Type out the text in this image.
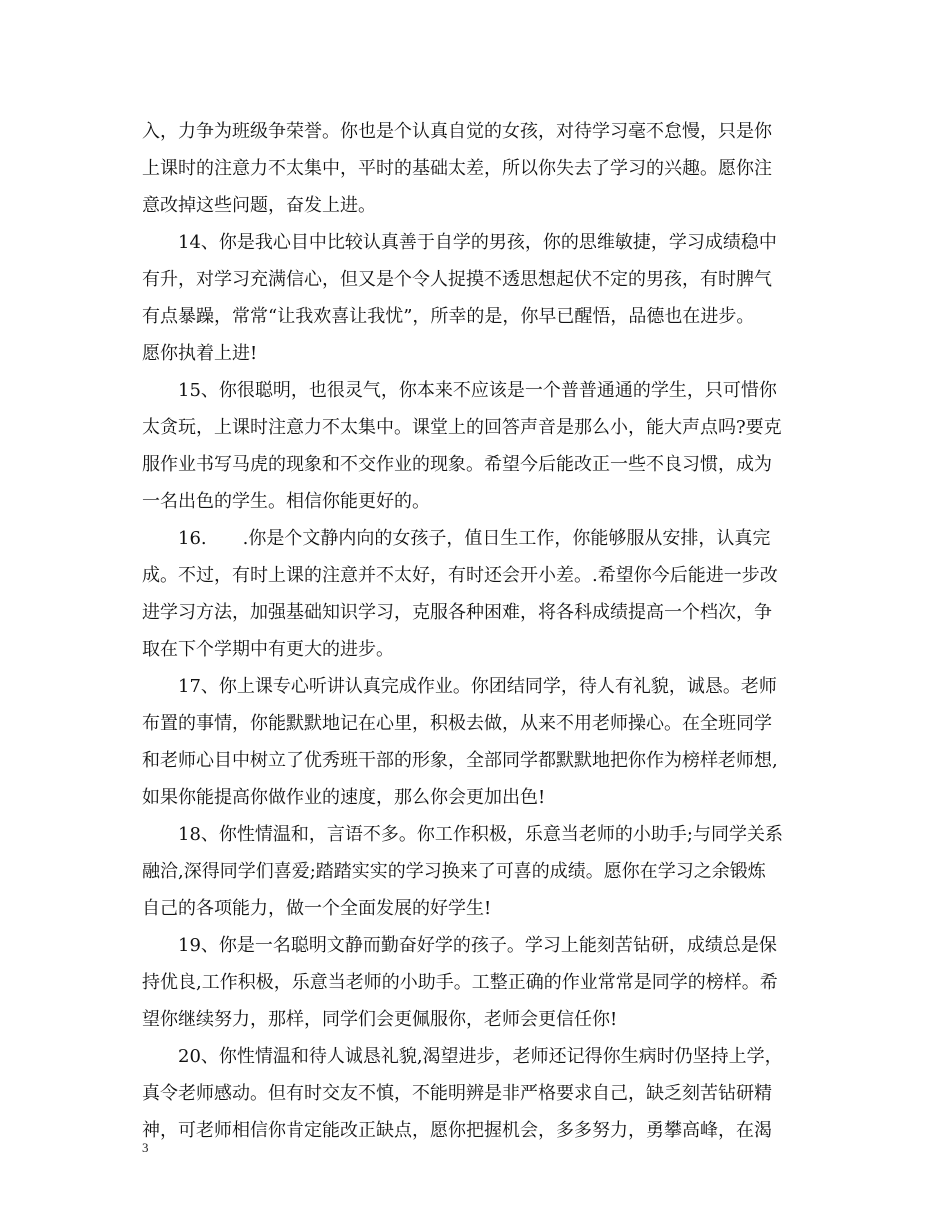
入，力争为班级争荣誉。你也是个认真自觉的女孩，对待学习毫不怠慢，只是你
上课时的注意力不太集中，平时的基础太差，所以你失去了学习的兴趣。愿你注
意改掉这些问题，奋发上进。
　　14、你是我心目中比较认真善于自学的男孩，你的思维敏捷，学习成绩稳中
有升，对学习充满信心，但又是个令人捉摸不透思想起伏不定的男孩，有时脾气
有点暴躁，常常“让我欢喜让我忧”，所幸的是，你早已醒悟，品德也在进步。
愿你执着上进!
　　15、你很聪明，也很灵气，你本来不应该是一个普普通通的学生，只可惜你
太贪玩，上课时注意力不太集中。课堂上的回答声音是那么小，能大声点吗?要克
服作业书写马虎的现象和不交作业的现象。希望今后能改正一些不良习惯，成为
一名出色的学生。相信你能更好的。
　　16.　　.你是个文静内向的女孩子，值日生工作，你能够服从安排，认真完
成。不过，有时上课的注意并不太好，有时还会开小差。.希望你今后能进一步改
进学习方法，加强基础知识学习，克服各种困难，将各科成绩提高一个档次，争
取在下个学期中有更大的进步。
　　17、你上课专心听讲认真完成作业。你团结同学，待人有礼貌，诚恳。老师
布置的事情，你能默默地记在心里，积极去做，从来不用老师操心。在全班同学
和老师心目中树立了优秀班干部的形象，全部同学都默默地把你作为榜样老师想,
如果你能提高你做作业的速度，那么你会更加出色!
　　18、你性情温和，言语不多。你工作积极，乐意当老师的小助手;与同学关系
融洽,深得同学们喜爱;踏踏实实的学习换来了可喜的成绩。愿你在学习之余锻炼
自己的各项能力，做一个全面发展的好学生!
　　19、你是一名聪明文静而勤奋好学的孩子。学习上能刻苦钻研，成绩总是保
持优良,工作积极，乐意当老师的小助手。工整正确的作业常常是同学的榜样。希
望你继续努力，那样，同学们会更佩服你，老师会更信任你!
　　20、你性情温和待人诚恳礼貌,渴望进步，老师还记得你生病时仍坚持上学，
真令老师感动。但有时交友不慎，不能明辨是非严格要求自己，缺乏刻苦钻研精
神，可老师相信你肯定能改正缺点，愿你把握机会，多多努力，勇攀高峰，在渴
3
